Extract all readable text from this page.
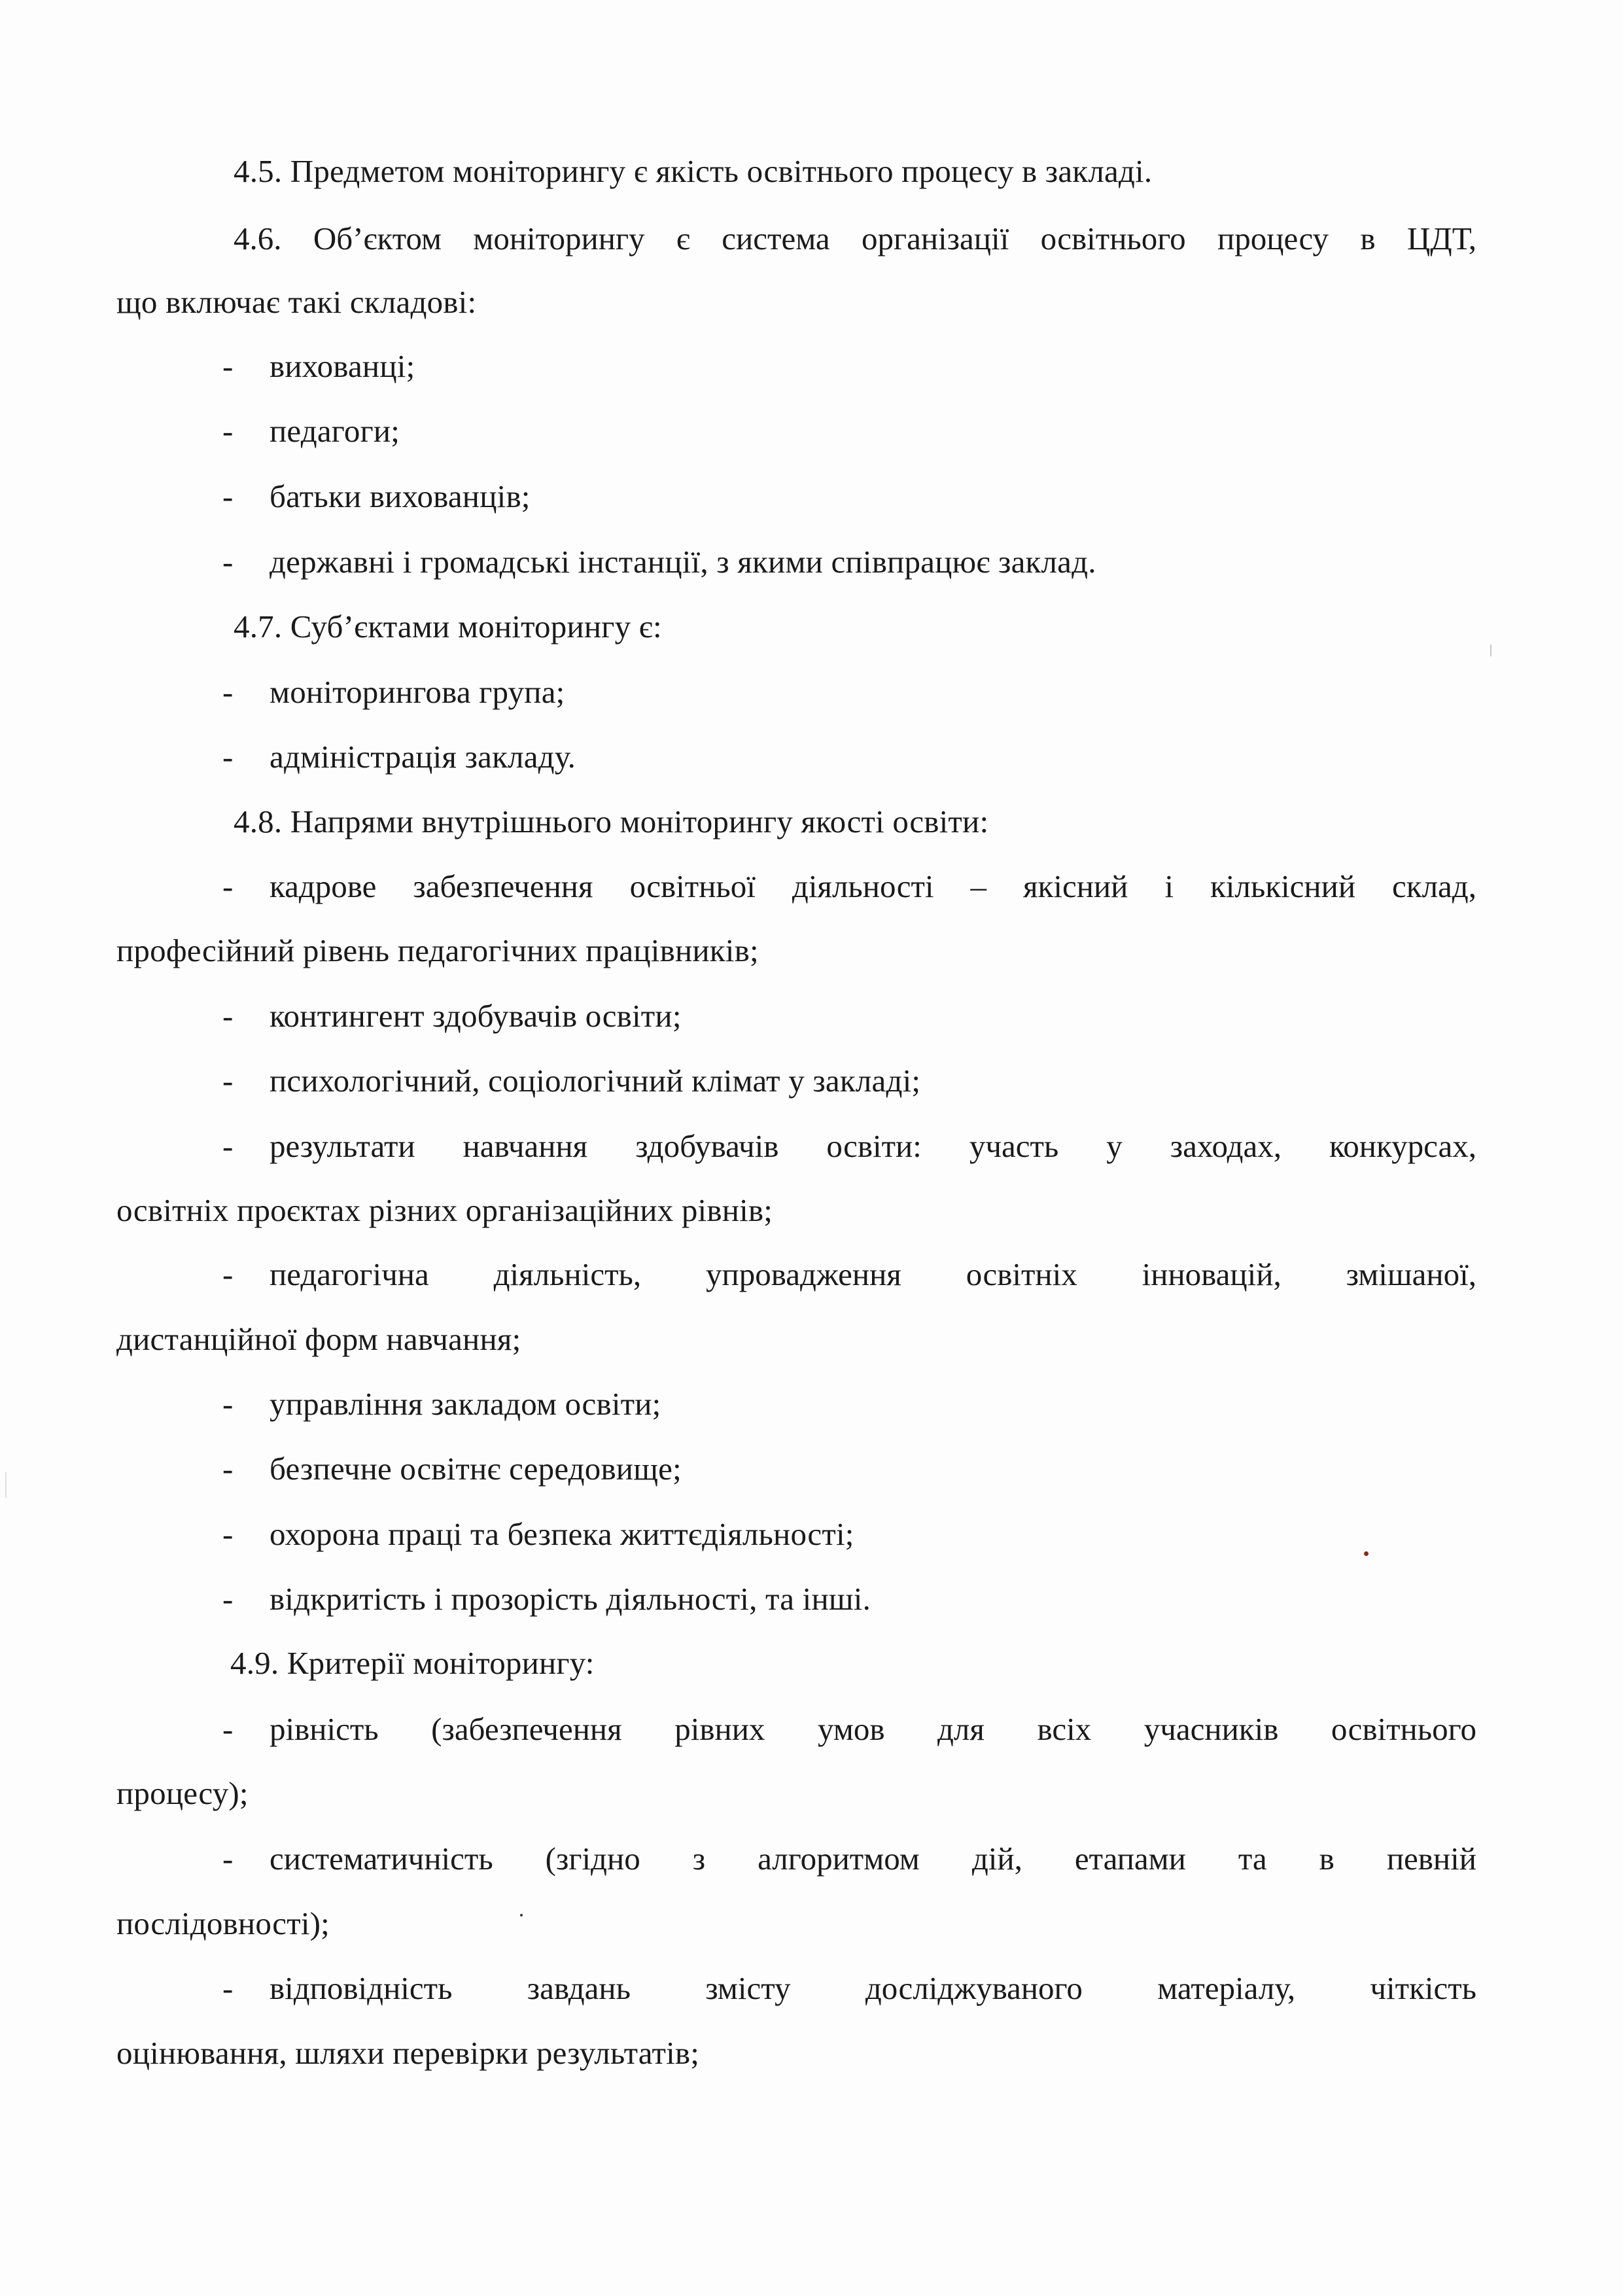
4.5. Предметом моніторингу є якість освітнього процесу в закладі.
4.6. Об’єктом моніторингу є система організації освітнього процесу в ЦДТ,
що включає такі складові:
- вихованці;
- педагоги;
- батьки вихованців;
- державні і громадські інстанції, з якими співпрацює заклад.
4.7. Суб’єктами моніторингу є:
- моніторингова група;
- адміністрація закладу.
4.8. Напрями внутрішнього моніторингу якості освіти:
- кадрове забезпечення освітньої діяльності – якісний і кількісний склад,
професійний рівень педагогічних працівників;
- контингент здобувачів освіти;
- психологічний, соціологічний клімат у закладі;
- результати навчання здобувачів освіти: участь у заходах, конкурсах,
освітніх проєктах різних організаційних рівнів;
- педагогічна діяльність, упровадження освітніх інновацій, змішаної,
дистанційної форм навчання;
- управління закладом освіти;
- безпечне освітнє середовище;
- охорона праці та безпека життєдіяльності;
- відкритість і прозорість діяльності, та інші.
4.9. Критерії моніторингу:
- рівність (забезпечення рівних умов для всіх учасників освітнього
процесу);
- систематичність (згідно з алгоритмом дій, етапами та в певній
послідовності);
- відповідність завдань змісту досліджуваного матеріалу, чіткість
оцінювання, шляхи перевірки результатів;
